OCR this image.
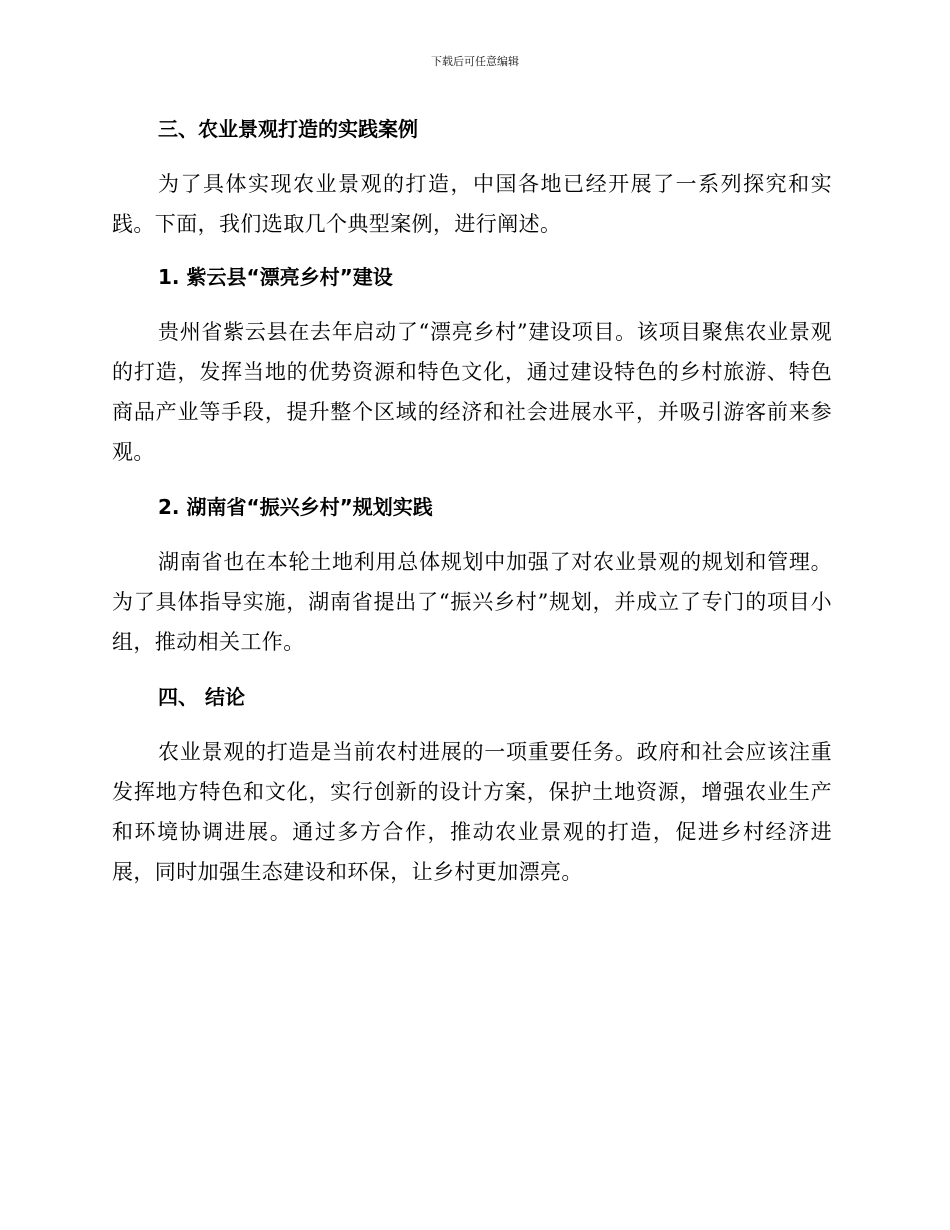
下载后可任意编辑
三、农业景观打造的实践案例

为了具体实现农业景观的打造，中国各地已经开展了一系列探究和实践。下面，我们选取几个典型案例，进行阐述。

1. 紫云县“漂亮乡村”建设

贵州省紫云县在去年启动了“漂亮乡村”建设项目。该项目聚焦农业景观的打造，发挥当地的优势资源和特色文化，通过建设特色的乡村旅游、特色商品产业等手段，提升整个区域的经济和社会进展水平，并吸引游客前来参观。

2. 湖南省“振兴乡村”规划实践

湖南省也在本轮土地利用总体规划中加强了对农业景观的规划和管理。为了具体指导实施，湖南省提出了“振兴乡村”规划，并成立了专门的项目小组，推动相关工作。

四、 结论

农业景观的打造是当前农村进展的一项重要任务。政府和社会应该注重发挥地方特色和文化，实行创新的设计方案，保护土地资源，增强农业生产和环境协调进展。通过多方合作，推动农业景观的打造，促进乡村经济进展，同时加强生态建设和环保，让乡村更加漂亮。
